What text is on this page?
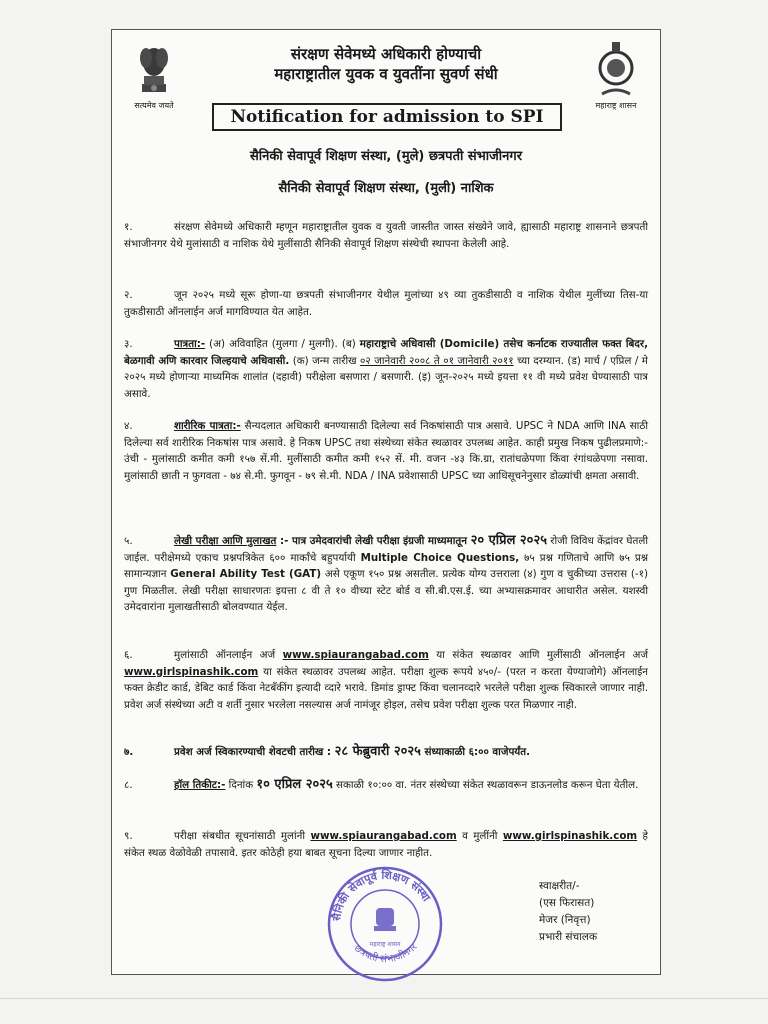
सत्यमेव जयते	महाराष्ट्र शासन
संरक्षण सेवेमध्ये अधिकारी होण्याची
महाराष्ट्रातील युवक व युवतींना सुवर्ण संधी
Notification for admission to SPI
सैनिकी सेवापूर्व शिक्षण संस्था, (मुले) छत्रपती संभाजीनगर
सैनिकी सेवापूर्व शिक्षण संस्था, (मुली) नाशिक
१.	संरक्षण सेवेमध्ये अधिकारी म्हणून महाराष्ट्रातील युवक व युवती जास्तीत जास्त संख्येने जावे, ह्यासाठी महाराष्ट्र शासनाने छत्रपती संभाजीनगर येथे मुलांसाठी व नाशिक येथे मुलींसाठी सैनिकी सेवापूर्व शिक्षण संस्थेची स्थापना केलेली आहे.
२.	जून २०२५ मध्ये सूरू होणा-या छत्रपती संभाजीनगर येथील मुलांच्या ४९ व्या तुकडीसाठी व नाशिक येथील मुलींच्या तिस-या तुकडीसाठी ऑनलाईन अर्ज मागविण्यात येत आहेत.
३.	पात्रता:- (अ) अविवाहित (मुलगा / मुलगी). (ब) महाराष्ट्राचे अधिवासी (Domicile) तसेच कर्नाटक राज्यातील फक्त बिदर, बेळगावी अणि कारवार जिल्हयाचे अधिवासी. (क) जन्म तारीख ०२ जानेवारी २००८ ते ०१ जानेवारी २०११ च्या दरम्यान. (ड) मार्च / एप्रिल / मे २०२५ मध्ये होणाऱ्या माध्यमिक शालांत (दहावी) परीक्षेला बसणारा / बसणारी. (इ) जून-२०२५ मध्ये इयत्ता ११ वी मध्ये प्रवेश घेण्यासाठी पात्र असावे.
४.	शारीरिक पात्रता:- सैन्यदलात अधिकारी बनण्यासाठी दिलेल्या सर्व निकषांसाठी पात्र असावे. UPSC ने NDA आणि INA साठी दिलेल्या सर्व शारीरिक निकषांस पात्र असावे. हे निकष UPSC तथा संस्थेच्या संकेत स्थळावर उपलब्ध आहेत. काही प्रमुख निकष पुढीलप्रमाणे:- उंची - मुलांसाठी कमीत कमी १५७ सें.मी. मुलींसाठी कमीत कमी १५२ सें. मी. वजन -४३ कि.ग्रा, रातांधळेपणा किंवा रंगांधळेपणा नसावा. मुलांसाठी छाती न फुगवता - ७४ से.मी. फुगवून - ७९ से.मी. NDA / INA प्रवेशासाठी UPSC च्या आधिसूचनेनुसार डोळ्यांची क्षमता असावी.
५.	लेखी परीक्षा आणि मुलाखत :- पात्र उमेदवारांची लेखी परीक्षा इंग्रजी माध्यमातून २० एप्रिल २०२५ रोजी विविध केंद्रांवर घेतली जाईल. परीक्षेमध्ये एकाच प्रश्नपत्रिकेत ६०० मार्कांचे बहुपर्यायी Multiple Choice Questions, ७५ प्रश्न गणिताचे आणि ७५ प्रश्न सामान्यज्ञान General Ability Test (GAT) असे एकूण १५० प्रश्न असतील. प्रत्येक योग्य उत्तराला (४) गुण व चुकीच्या उत्तरास (-१) गुण मिळतील. लेखी परीक्षा साधारणतः इयत्ता ८ वी ते १० वीच्या स्टेट बोर्ड व सी.बी.एस.ई. च्या अभ्यासक्रमावर आधारीत असेल. यशस्वी उमेदवारांना मुलाखतीसाठी बोलवण्यात येईल.
६.	मुलांसाठी ऑनलाईन अर्ज www.spiaurangabad.com या संकेत स्थळावर आणि मुलींसाठी ऑनलाईन अर्ज www.girlspinashik.com या संकेत स्थळावर उपलब्ध आहेत. परीक्षा शुल्क रूपये ४५०/- (परत न करता येण्याजोगे) ऑनलाईन फक्त क्रेडीट कार्ड, डेबिट कार्ड किंवा नेटबँकींग इत्यादी व्दारे भरावे. डिमांड ड्राफ्ट किंवा चलानव्दारे भरलेले परीक्षा शुल्क स्विकारले जाणार नाही. प्रवेश अर्ज संस्थेच्या अटी व शर्ती नुसार भरलेला नसल्यास अर्ज नामंजूर होइल, तसेच प्रवेश परीक्षा शुल्क परत मिळणार नाही.
७.	प्रवेश अर्ज स्विकारण्याची शेवटची तारीख : २८ फेब्रुवारी २०२५ संध्याकाळी ६:०० वाजेपर्यंत.
८.	हॉल तिकीट:- दिनांक १० एप्रिल २०२५ सकाळी १०:०० वा. नंतर संस्थेच्या संकेत स्थळावरून डाऊनलोड करून घेता येतील.
९.	परीक्षा संबधीत सूचनांसाठी मुलांनी www.spiaurangabad.com व मुलींनी www.girlspinashik.com हे संकेत स्थळ वेळोवेळी तपासावे. इतर कोठेही हया बाबत सूचना दिल्या जाणार नाहीत.
सैनिकी सेवापूर्व शिक्षण संस्था
छत्रपती संभाजीनगर
महाराष्ट्र शासन
स्वाक्षरीत/-
(एस फिरासत)
मेजर (निवृत्त)
प्रभारी संचालक
